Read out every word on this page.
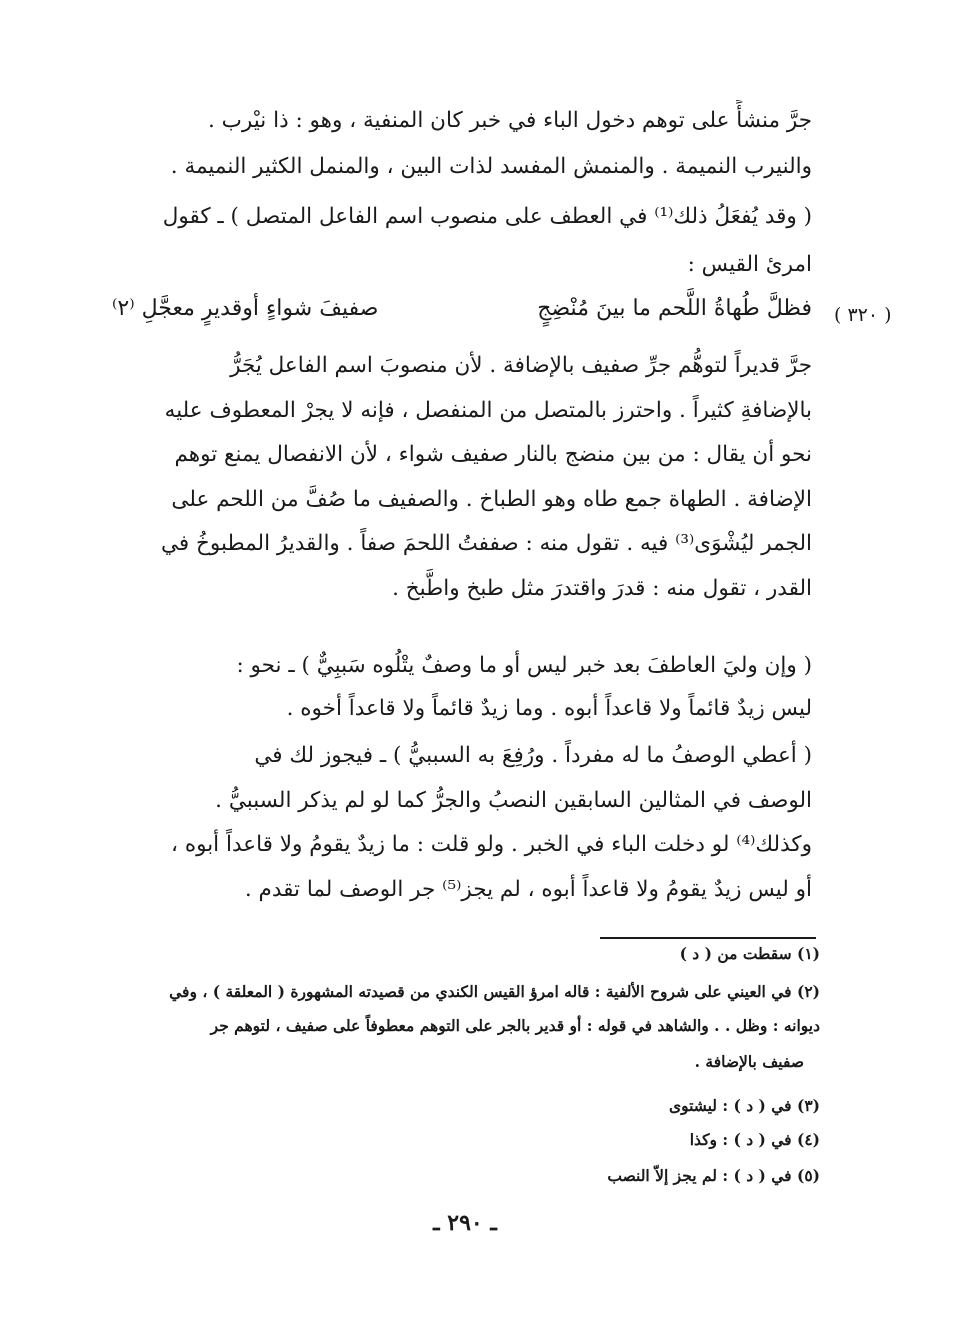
جرَّ منشأً على توهم دخول الباء في خبر كان المنفية ، وهو : ذا نيْرب .
والنيرب النميمة . والمنمش المفسد لذات البين ، والمنمل الكثير النميمة .
( وقد يُفعَلُ ذلك⁽¹⁾ في العطف على منصوب اسم الفاعل المتصل ) ـ كقول
امرئ القيس :
( ٣٢٠ )
فظلَّ طُهاةُ اللَّحم ما بينَ مُنْضِجٍ
صفيفَ شواءٍ أوقديرٍ معجَّلِ ⁽٢⁾
جرَّ قديراً لتوهُّم جرِّ صفيف بالإضافة . لأن منصوبَ اسم الفاعل يُجَرُّ
بالإضافةِ كثيراً . واحترز بالمتصل من المنفصل ، فإنه لا يجرْ المعطوف عليه
نحو أن يقال : من بين منضج بالنار صفيف شواء ، لأن الانفصال يمنع توهم
الإضافة . الطهاة جمع طاه وهو الطباخ . والصفيف ما صُفَّ من اللحم على
الجمر ليُشْوَى⁽³⁾ فيه . تقول منه : صففتُ اللحمَ صفاً . والقديرُ المطبوخُ في
القدر ، تقول منه : قدرَ واقتدرَ مثل طبخ واطَّبخ .
( وإن وليَ العاطفَ بعد خبر ليس أو ما وصفٌ يتْلُوه سَببِيٌّ ) ـ نحو :
ليس زيدٌ قائماً ولا قاعداً أبوه . وما زيدٌ قائماً ولا قاعداً أخوه .
( أعطي الوصفُ ما له مفرداً . ورُفِعَ به السببيُّ ) ـ فيجوز لك في
الوصف في المثالين السابقين النصبُ والجرُّ كما لو لم يذكر السببيُّ .
وكذلك⁽⁴⁾ لو دخلت الباء في الخبر . ولو قلت : ما زيدٌ يقومُ ولا قاعداً أبوه ،
أو ليس زيدٌ يقومُ ولا قاعداً أبوه ، لم يجز⁽⁵⁾ جر الوصف لما تقدم .
(١) سقطت من ( د )
(٢) في العيني على شروح الألفية : قاله امرؤ القيس الكندي من قصيدته المشهورة ( المعلقة ) ، وفي
ديوانه : وظل . . والشاهد في قوله : أو قدير بالجر على التوهم معطوفاً على صفيف ، لتوهم جر
صفيف بالإضافة .
(٣) في ( د ) : ليشتوى
(٤) في ( د ) : وكذا
(٥) في ( د ) : لم يجز إلاّ النصب
ـ ٢٩٠ ـ
